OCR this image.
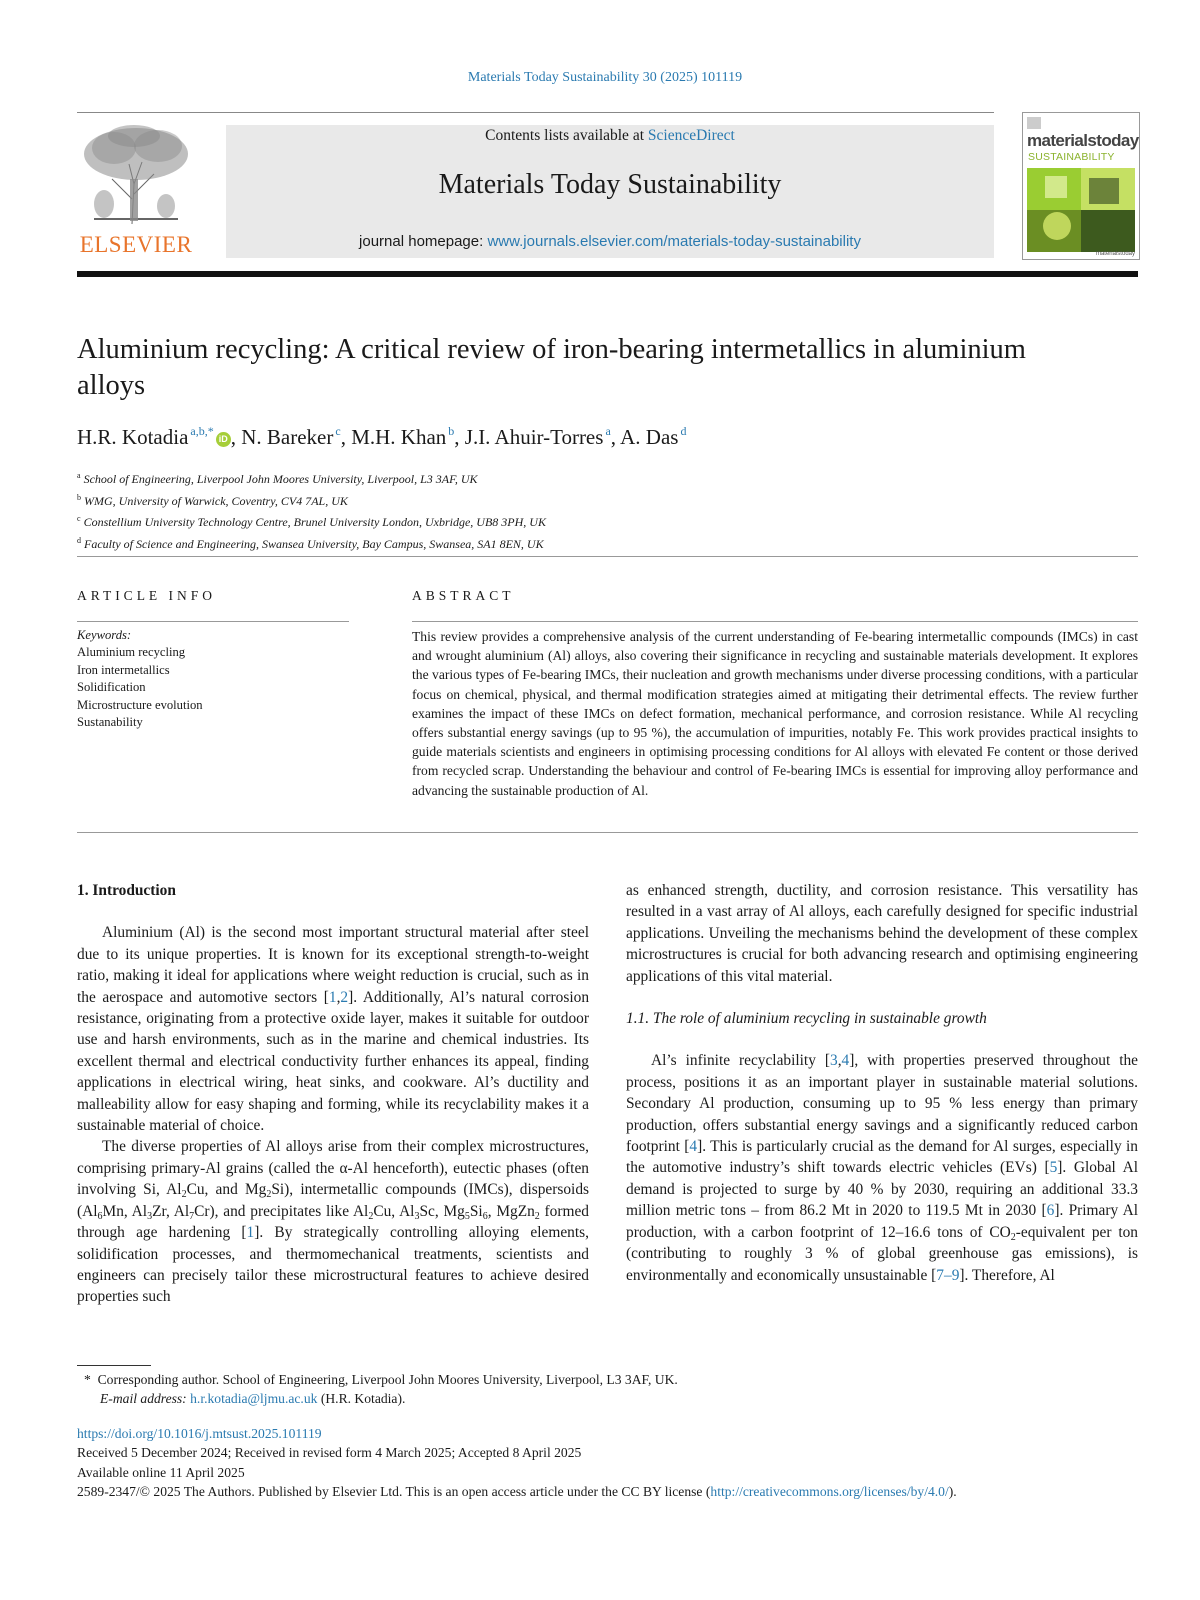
Materials Today Sustainability 30 (2025) 101119
ELSEVIER
Contents lists available at ScienceDirect
Materials Today Sustainability
journal homepage: www.journals.elsevier.com/materials-today-sustainability
materialstoday
SUSTAINABILITY
materialstoday
Aluminium recycling: A critical review of iron-bearing intermetallics in aluminium alloys
H.R. Kotadia $^{a,b,*}$iD , N. Bareker $^c$, M.H. Khan $^b$, J.I. Ahuir-Torres $^a$, A. Das $^d$
$^a$ School of Engineering, Liverpool John Moores University, Liverpool, L3 3AF, UK
$^b$ WMG, University of Warwick, Coventry, CV4 7AL, UK
$^c$ Constellium University Technology Centre, Brunel University London, Uxbridge, UB8 3PH, UK
$^d$ Faculty of Science and Engineering, Swansea University, Bay Campus, Swansea, SA1 8EN, UK
ARTICLE INFO	ABSTRACT
Keywords:
Aluminium recycling
Iron intermetallics
Solidification
Microstructure evolution
Sustanability
This review provides a comprehensive analysis of the current understanding of Fe-bearing intermetallic compounds (IMCs) in cast and wrought aluminium (Al) alloys, also covering their significance in recycling and sustainable materials development. It explores the various types of Fe-bearing IMCs, their nucleation and growth mechanisms under diverse processing conditions, with a particular focus on chemical, physical, and thermal modification strategies aimed at mitigating their detrimental effects. The review further examines the impact of these IMCs on defect formation, mechanical performance, and corrosion resistance. While Al recycling offers substantial energy savings (up to 95 %), the accumulation of impurities, notably Fe. This work provides practical insights to guide materials scientists and engineers in optimising processing conditions for Al alloys with elevated Fe content or those derived from recycled scrap. Understanding the behaviour and control of Fe-bearing IMCs is essential for improving alloy performance and advancing the sustainable production of Al.
1. Introduction

Aluminium (Al) is the second most important structural material after steel due to its unique properties. It is known for its exceptional strength-to-weight ratio, making it ideal for applications where weight reduction is crucial, such as in the aerospace and automotive sectors [1,2]. Additionally, Al’s natural corrosion resistance, originating from a protective oxide layer, makes it suitable for outdoor use and harsh environments, such as in the marine and chemical industries. Its excellent thermal and electrical conductivity further enhances its appeal, finding applications in electrical wiring, heat sinks, and cookware. Al’s ductility and malleability allow for easy shaping and forming, while its recyclability makes it a sustainable material of choice.

The diverse properties of Al alloys arise from their complex microstructures, comprising primary-Al grains (called the α-Al henceforth), eutectic phases (often involving Si, $Al_2Cu$, and $Mg_2Si$), intermetallic compounds (IMCs), dispersoids ($Al_6Mn$, $Al_3Zr$, $Al_7Cr$), and precipitates like $Al_2Cu$, $Al_3Sc$, $Mg_5Si_6$, MgZn$_2$ formed through age hardening [1]. By strategically controlling alloying elements, solidification processes, and thermomechanical treatments, scientists and engineers can precisely tailor these microstructural features to achieve desired properties such

as enhanced strength, ductility, and corrosion resistance. This versatility has resulted in a vast array of Al alloys, each carefully designed for specific industrial applications. Unveiling the mechanisms behind the development of these complex microstructures is crucial for both advancing research and optimising engineering applications of this vital material.

1.1. The role of aluminium recycling in sustainable growth

Al’s infinite recyclability [3,4], with properties preserved throughout the process, positions it as an important player in sustainable material solutions. Secondary Al production, consuming up to 95 % less energy than primary production, offers substantial energy savings and a significantly reduced carbon footprint [4]. This is particularly crucial as the demand for Al surges, especially in the automotive industry’s shift towards electric vehicles (EVs) [5]. Global Al demand is projected to surge by 40 % by 2030, requiring an additional 33.3 million metric tons – from 86.2 Mt in 2020 to 119.5 Mt in 2030 [6]. Primary Al production, with a carbon footprint of 12–16.6 tons of $CO_2$-equivalent per ton (contributing to roughly 3 % of global greenhouse gas emissions), is environmentally and economically unsustainable [7–9]. Therefore, Al

* Corresponding author. School of Engineering, Liverpool John Moores University, Liverpool, L3 3AF, UK.
E-mail address: h.r.kotadia@ljmu.ac.uk (H.R. Kotadia).
https://doi.org/10.1016/j.mtsust.2025.101119
Received 5 December 2024; Received in revised form 4 March 2025; Accepted 8 April 2025
Available online 11 April 2025
2589-2347/© 2025 The Authors. Published by Elsevier Ltd. This is an open access article under the CC BY license (http://creativecommons.org/licenses/by/4.0/).
